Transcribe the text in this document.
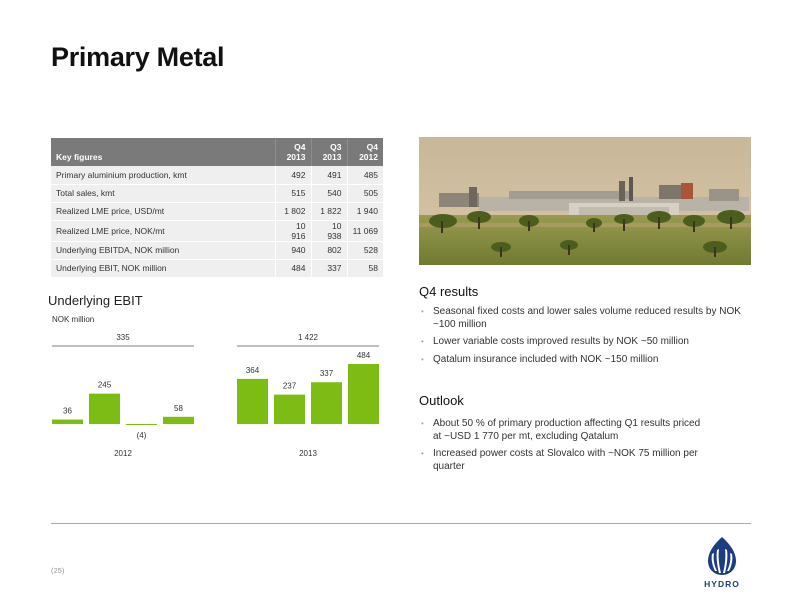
Primary Metal
Key figures	Q4 2013	Q3 2013	Q4 2012
Primary aluminium production, kmt	492	491	485
Total sales, kmt	515	540	505
Realized LME price, USD/mt	1 802	1 822	1 940
Realized LME price, NOK/mt	10 916	10 938	11 069
Underlying EBITDA, NOK million	940	802	528
Underlying EBIT, NOK million	484	337	58
Underlying EBIT
NOK million
335
36
245
(4)
58
2012
1 422
364
237
337
484
2013
Q4 results
• Seasonal fixed costs and lower sales volume reduced results by NOK ~100 million
• Lower variable costs improved results by NOK ~50 million
• Qatalum insurance included with NOK ~150 million
Outlook
• About 50 % of primary production affecting Q1 results priced at ~USD 1 770 per mt, excluding Qatalum
• Increased power costs at Slovalco with ~NOK 75 million per quarter
(25)
HYDRO
